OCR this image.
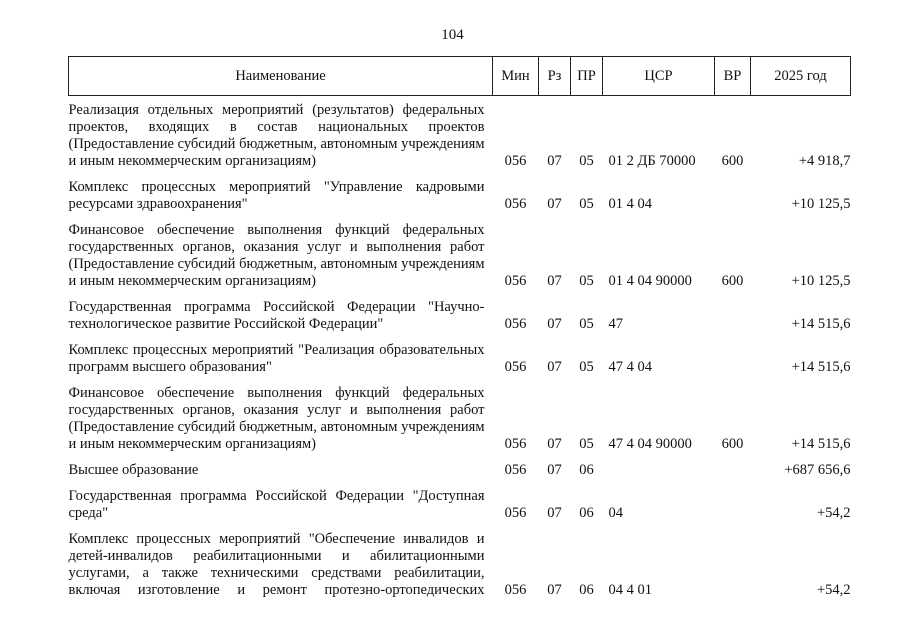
104
Наименование	Мин	Рз	ПР	ЦСР	ВР	2025 год
Реализация отдельных мероприятий (результатов) федеральных проектов, входящих в состав национальных проектов (Предоставление субсидий бюджетным, автономным учреждениям и иным некоммерческим организациям)	056	07	05	01 2 ДБ 70000	600	+4 918,7
Комплекс процессных мероприятий "Управление кадровыми ресурсами здравоохранения"	056	07	05	01 4 04		+10 125,5
Финансовое обеспечение выполнения функций федеральных государственных органов, оказания услуг и выполнения работ (Предоставление субсидий бюджетным, автономным учреждениям и иным некоммерческим организациям)	056	07	05	01 4 04 90000	600	+10 125,5
Государственная программа Российской Федерации "Научно-технологическое развитие Российской Федерации"	056	07	05	47		+14 515,6
Комплекс процессных мероприятий "Реализация образовательных программ высшего образования"	056	07	05	47 4 04		+14 515,6
Финансовое обеспечение выполнения функций федеральных государственных органов, оказания услуг и выполнения работ (Предоставление субсидий бюджетным, автономным учреждениям и иным некоммерческим организациям)	056	07	05	47 4 04 90000	600	+14 515,6
Высшее образование	056	07	06			+687 656,6
Государственная программа Российской Федерации "Доступная среда"	056	07	06	04		+54,2
Комплекс процессных мероприятий "Обеспечение инвалидов и детей-инвалидов реабилитационными и абилитационными услугами, а также техническими средствами реабилитации, включая изготовление и ремонт протезно-ортопедических	056	07	06	04 4 01		+54,2
